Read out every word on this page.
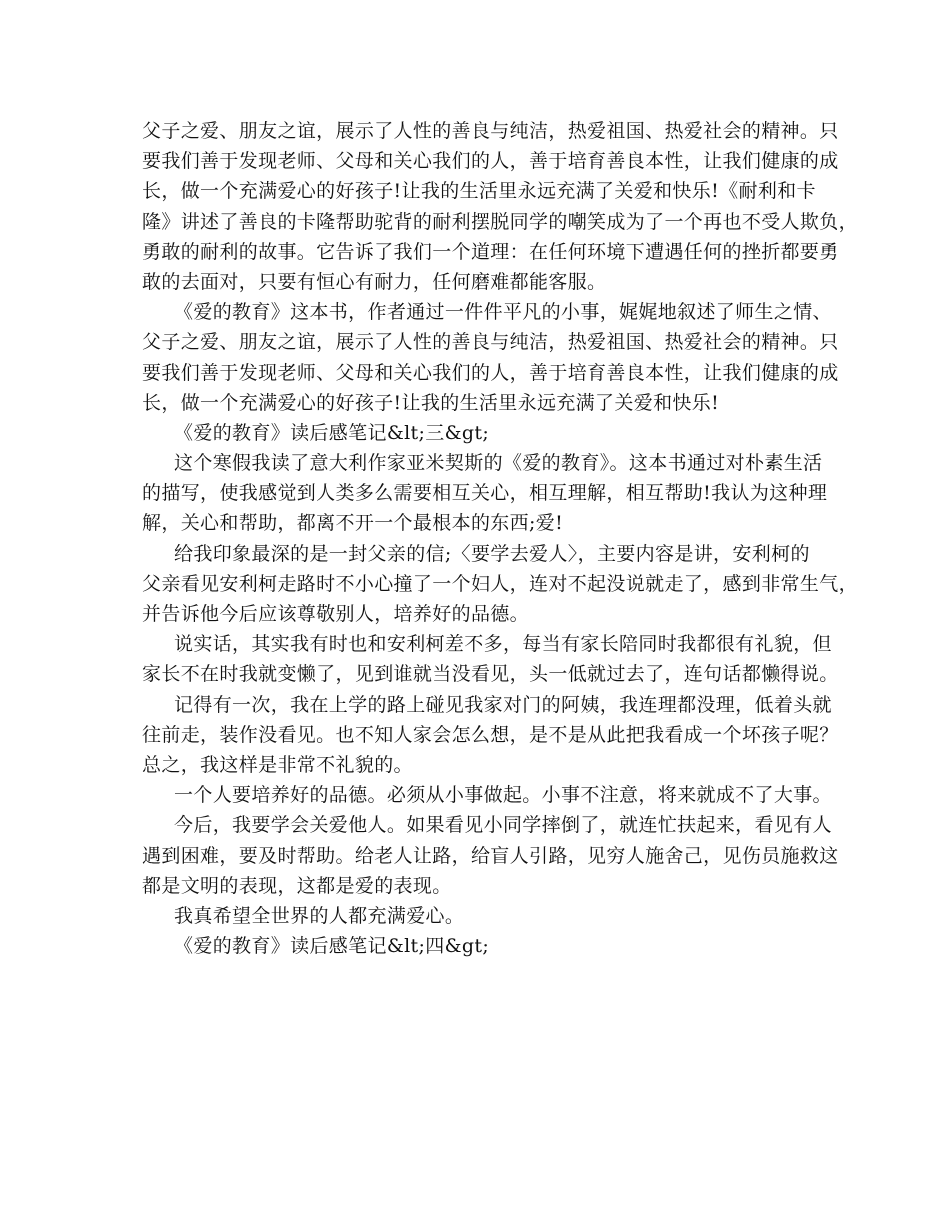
父子之爱、朋友之谊，展示了人性的善良与纯洁，热爱祖国、热爱社会的精神。只
要我们善于发现老师、父母和关心我们的人，善于培育善良本性，让我们健康的成
长，做一个充满爱心的好孩子!让我的生活里永远充满了关爱和快乐!《耐利和卡
隆》讲述了善良的卡隆帮助驼背的耐利摆脱同学的嘲笑成为了一个再也不受人欺负，
勇敢的耐利的故事。它告诉了我们一个道理：在任何环境下遭遇任何的挫折都要勇
敢的去面对，只要有恒心有耐力，任何磨难都能客服。
《爱的教育》这本书，作者通过一件件平凡的小事，娓娓地叙述了师生之情、
父子之爱、朋友之谊，展示了人性的善良与纯洁，热爱祖国、热爱社会的精神。只
要我们善于发现老师、父母和关心我们的人，善于培育善良本性，让我们健康的成
长，做一个充满爱心的好孩子!让我的生活里永远充满了关爱和快乐!
《爱的教育》读后感笔记&lt;三&gt;
这个寒假我读了意大利作家亚米契斯的《爱的教育》。这本书通过对朴素生活
的描写，使我感觉到人类多么需要相互关心，相互理解，相互帮助!我认为这种理
解，关心和帮助，都离不开一个最根本的东西;爱!
给我印象最深的是一封父亲的信;〈要学去爱人〉，主要内容是讲，安利柯的
父亲看见安利柯走路时不小心撞了一个妇人，连对不起没说就走了，感到非常生气，
并告诉他今后应该尊敬别人，培养好的品德。
说实话，其实我有时也和安利柯差不多，每当有家长陪同时我都很有礼貌，但
家长不在时我就变懒了，见到谁就当没看见，头一低就过去了，连句话都懒得说。
记得有一次，我在上学的路上碰见我家对门的阿姨，我连理都没理，低着头就
往前走，装作没看见。也不知人家会怎么想，是不是从此把我看成一个坏孩子呢？
总之，我这样是非常不礼貌的。
一个人要培养好的品德。必须从小事做起。小事不注意，将来就成不了大事。
今后，我要学会关爱他人。如果看见小同学摔倒了，就连忙扶起来，看见有人
遇到困难，要及时帮助。给老人让路，给盲人引路，见穷人施舍己，见伤员施救这
都是文明的表现，这都是爱的表现。
我真希望全世界的人都充满爱心。
《爱的教育》读后感笔记&lt;四&gt;
